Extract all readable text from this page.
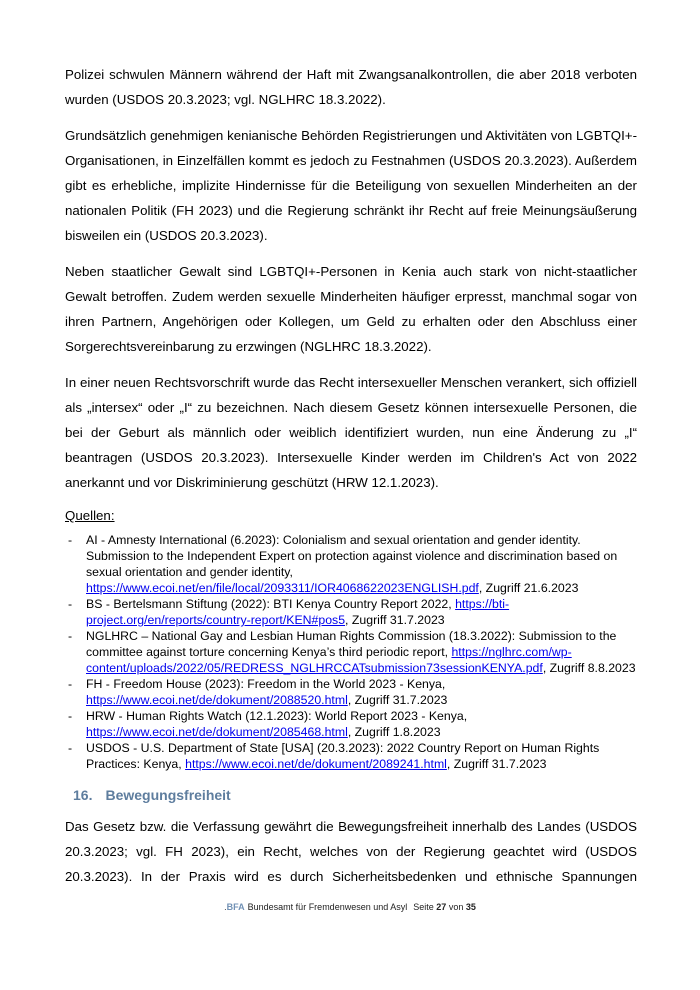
Polizei schwulen Männern während der Haft mit Zwangsanalkontrollen, die aber 2018 verboten wurden (USDOS 20.3.2023; vgl. NGLHRC 18.3.2022).

Grundsätzlich genehmigen kenianische Behörden Registrierungen und Aktivitäten von LGBTQI+-Organisationen, in Einzelfällen kommt es jedoch zu Festnahmen (USDOS 20.3.2023). Außerdem gibt es erhebliche, implizite Hindernisse für die Beteiligung von sexuellen Minderheiten an der nationalen Politik (FH 2023) und die Regierung schränkt ihr Recht auf freie Meinungsäußerung bisweilen ein (USDOS 20.3.2023).

Neben staatlicher Gewalt sind LGBTQI+-Personen in Kenia auch stark von nicht-staatlicher Gewalt betroffen. Zudem werden sexuelle Minderheiten häufiger erpresst, manchmal sogar von ihren Partnern, Angehörigen oder Kollegen, um Geld zu erhalten oder den Abschluss einer Sorgerechtsvereinbarung zu erzwingen (NGLHRC 18.3.2022).

In einer neuen Rechtsvorschrift wurde das Recht intersexueller Menschen verankert, sich offiziell als „intersex“ oder „I“ zu bezeichnen. Nach diesem Gesetz können intersexuelle Personen, die bei der Geburt als männlich oder weiblich identifiziert wurden, nun eine Änderung zu „I“ beantragen (USDOS 20.3.2023). Intersexuelle Kinder werden im Children's Act von 2022 anerkannt und vor Diskriminierung geschützt (HRW 12.1.2023).

Quellen:

- AI - Amnesty International (6.2023): Colonialism and sexual orientation and gender identity. Submission to the Independent Expert on protection against violence and discrimination based on sexual orientation and gender identity, https://www.ecoi.net/en/file/local/2093311/IOR4068622023ENGLISH.pdf, Zugriff 21.6.2023
- BS - Bertelsmann Stiftung (2022): BTI Kenya Country Report 2022, https://bti-project.org/en/reports/country-report/KEN#pos5, Zugriff 31.7.2023
- NGLHRC – National Gay and Lesbian Human Rights Commission (18.3.2022): Submission to the committee against torture concerning Kenya’s third periodic report, https://nglhrc.com/wp-content/uploads/2022/05/REDRESS_NGLHRCCATsubmission73sessionKENYA.pdf, Zugriff 8.8.2023
- FH - Freedom House (2023): Freedom in the World 2023 - Kenya, https://www.ecoi.net/de/dokument/2088520.html, Zugriff 31.7.2023
- HRW - Human Rights Watch (12.1.2023): World Report 2023 - Kenya, https://www.ecoi.net/de/dokument/2085468.html, Zugriff 1.8.2023
- USDOS - U.S. Department of State [USA] (20.3.2023): 2022 Country Report on Human Rights Practices: Kenya, https://www.ecoi.net/de/dokument/2089241.html, Zugriff 31.7.2023
16. Bewegungsfreiheit

Das Gesetz bzw. die Verfassung gewährt die Bewegungsfreiheit innerhalb des Landes (USDOS 20.3.2023; vgl. FH 2023), ein Recht, welches von der Regierung geachtet wird (USDOS 20.3.2023). In der Praxis wird es durch Sicherheitsbedenken und ethnische Spannungen

.BFA Bundesamt für Fremdenwesen und Asyl Seite 27 von 35
